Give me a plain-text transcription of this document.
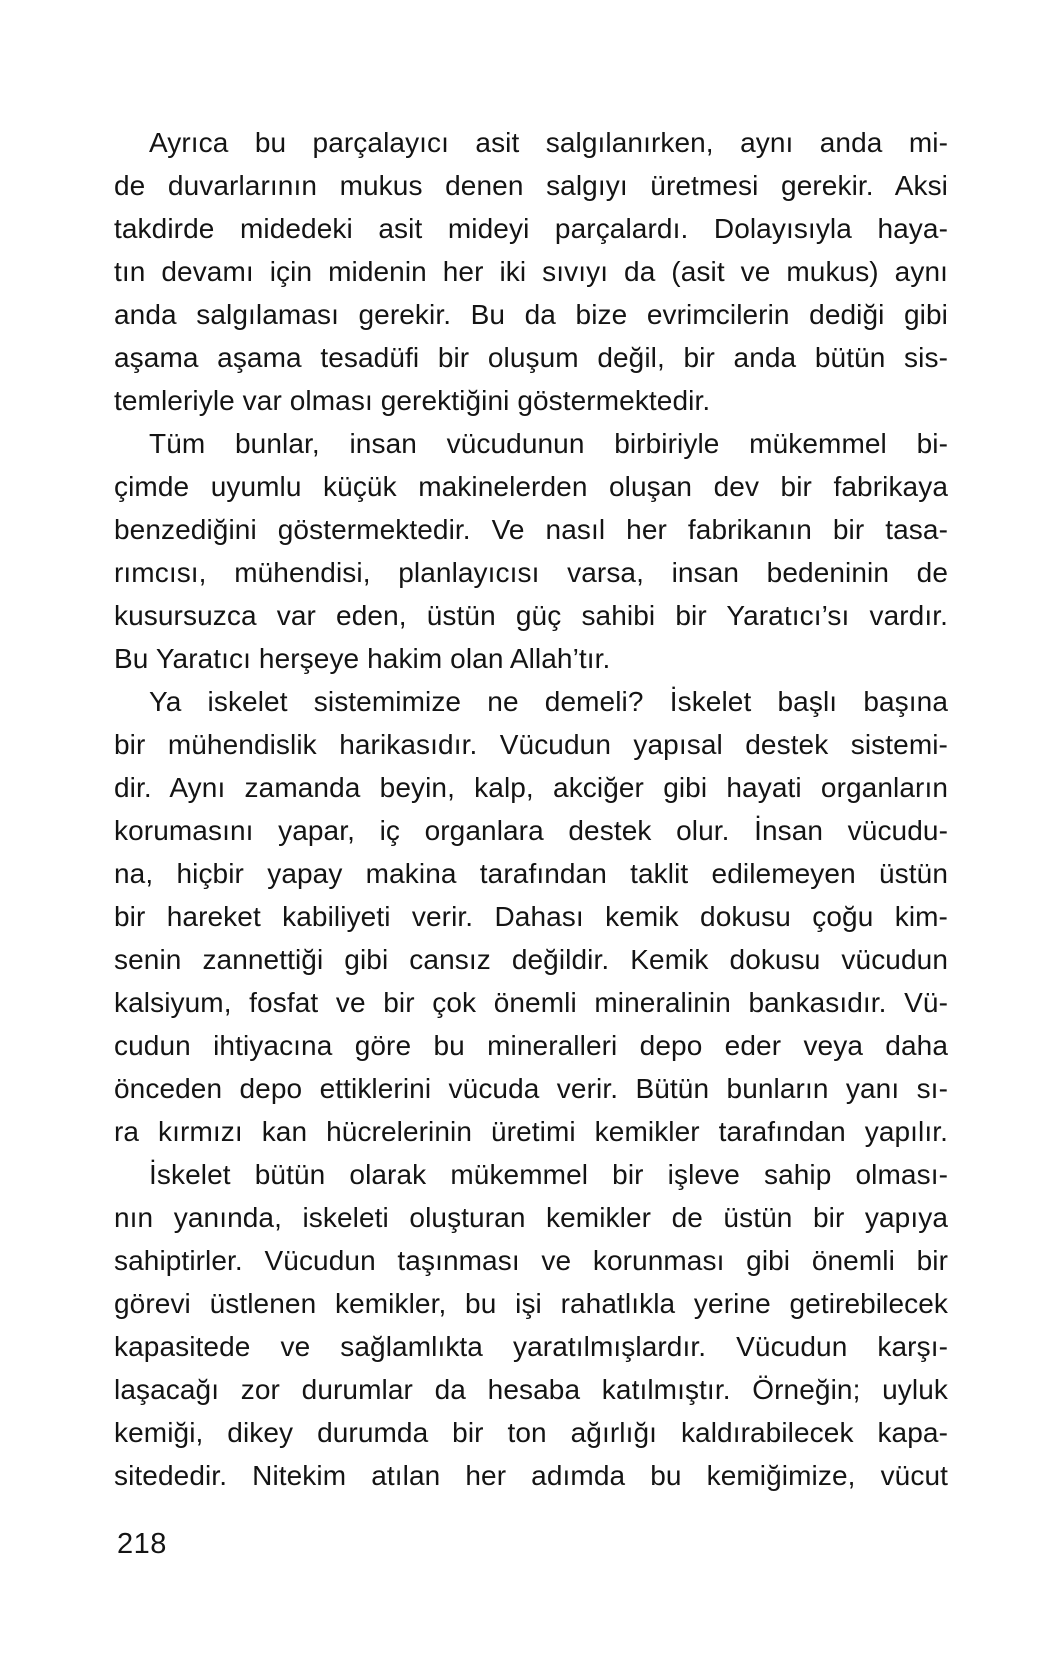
Ayrıca bu parçalayıcı asit salgılanırken, aynı anda mi-
de duvarlarının mukus denen salgıyı üretmesi gerekir. Aksi
takdirde midedeki asit mideyi parçalardı. Dolayısıyla haya-
tın devamı için midenin her iki sıvıyı da (asit ve mukus) aynı
anda salgılaması gerekir. Bu da bize evrimcilerin dediği gibi
aşama aşama tesadüfi bir oluşum değil, bir anda bütün sis-
temleriyle var olması gerektiğini göstermektedir.

Tüm bunlar, insan vücudunun birbiriyle mükemmel bi-
çimde uyumlu küçük makinelerden oluşan dev bir fabrikaya
benzediğini göstermektedir. Ve nasıl her fabrikanın bir tasa-
rımcısı, mühendisi, planlayıcısı varsa, insan bedeninin de
kusursuzca var eden, üstün güç sahibi bir Yaratıcı’sı vardır.
Bu Yaratıcı herşeye hakim olan Allah’tır.

Ya iskelet sistemimize ne demeli? İskelet başlı başına
bir mühendislik harikasıdır. Vücudun yapısal destek sistemi-
dir. Aynı zamanda beyin, kalp, akciğer gibi hayati organların
korumasını yapar, iç organlara destek olur. İnsan vücudu-
na, hiçbir yapay makina tarafından taklit edilemeyen üstün
bir hareket kabiliyeti verir. Dahası kemik dokusu çoğu kim-
senin zannettiği gibi cansız değildir. Kemik dokusu vücudun
kalsiyum, fosfat ve bir çok önemli mineralinin bankasıdır. Vü-
cudun ihtiyacına göre bu mineralleri depo eder veya daha
önceden depo ettiklerini vücuda verir. Bütün bunların yanı sı-
ra kırmızı kan hücrelerinin üretimi kemikler tarafından yapılır.

İskelet bütün olarak mükemmel bir işleve sahip olması-
nın yanında, iskeleti oluşturan kemikler de üstün bir yapıya
sahiptirler. Vücudun taşınması ve korunması gibi önemli bir
görevi üstlenen kemikler, bu işi rahatlıkla yerine getirebilecek
kapasitede ve sağlamlıkta yaratılmışlardır. Vücudun karşı-
laşacağı zor durumlar da hesaba katılmıştır. Örneğin; uyluk
kemiği, dikey durumda bir ton ağırlığı kaldırabilecek kapa-
sitededir. Nitekim atılan her adımda bu kemiğimize, vücut

218
